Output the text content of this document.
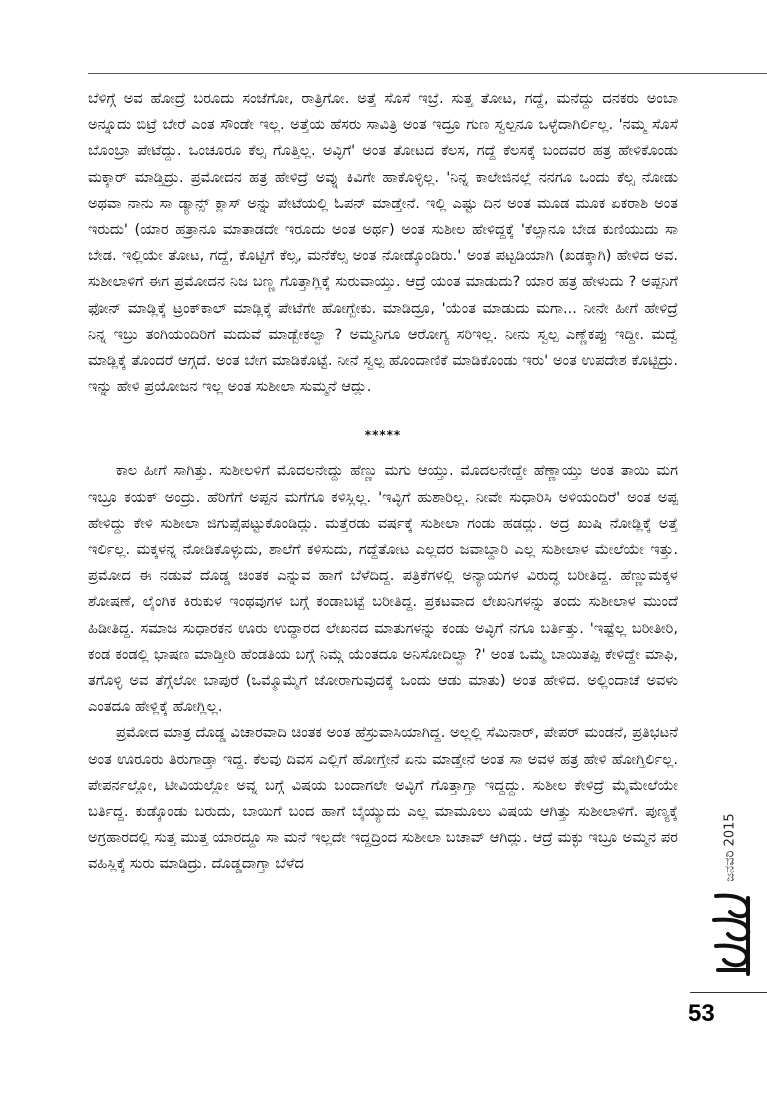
ಬೆಳಿಗ್ಗೆ ಅವ ಹೋದ್ರೆ ಬರೂದು ಸಂಜೆಗೋ, ರಾತ್ರಿಗೋ. ಅತ್ತೆ ಸೊಸೆ ಇಬ್ರೆ. ಸುತ್ತ ತೋಟ, ಗದ್ದೆ, ಮನೆದ್ದು ದನಕರು ಅಂಬಾ ಅನ್ನೂದು ಬಿಟ್ರೆ ಬೇರೆ ಎಂತ ಸೌಂಡೇ ಇಲ್ಲ. ಅತ್ತೆಯ ಹೆಸರು ಸಾವಿತ್ರಿ ಅಂತ ಇದ್ರೂ ಗುಣ ಸ್ವಲ್ಪನೂ ಒಳ್ಳೆದಾಗಿರ್ಲಿಲ್ಲ. 'ನಮ್ಮ ಸೊಸೆ ಬೊಂಬ್ರಾ ಪೇಟೆದ್ದು. ಒಂಚೂರೂ ಕೆಲ್ಸ ಗೊತ್ತಿಲ್ಲ. ಅವ್ಳಿಗೆ' ಅಂತ ತೋಟದ ಕೆಲಸ, ಗದ್ದೆ ಕೆಲಸಕ್ಕೆ ಬಂದವರ ಹತ್ರ ಹೇಳಿಕೊಂಡು ಮಕ್ಕಾರ್ ಮಾಡ್ತಿದ್ರು. ಪ್ರಮೋದನ ಹತ್ರ ಹೇಳಿದ್ರೆ ಅವ್ನು ಕಿವಿಗೇ ಹಾಕೊಳ್ಳಿಲ್ಲ. 'ನಿನ್ನ ಕಾಲೇಜಿನಲ್ಲೆ ನನಗೂ ಒಂದು ಕೆಲ್ಸ ನೋಡು ಅಥವಾ ನಾನು ಸಾ ಡ್ಯಾನ್ಸ್ ಕ್ಲಾಸ್ ಅನ್ನು ಪೇಟೆಯಲ್ಲಿ ಓಪನ್ ಮಾಡ್ತೇನೆ. ಇಲ್ಲಿ ಎಷ್ಟು ದಿನ ಅಂತ ಮೂಡ ಮೂಕ ಏಕರಾಶಿ ಅಂತ ಇರುದು' (ಯಾರ ಹತ್ರಾನೂ ಮಾತಾಡದೇ ಇರೂದು ಅಂತ ಅರ್ಥ) ಅಂತ ಸುಶೀಲ ಹೇಳಿದ್ದಕ್ಕೆ 'ಕೆಲ್ಸಾನೂ ಬೇಡ ಕುಣಿಯುದು ಸಾ ಬೇಡ. ಇಲ್ಲಿಯೇ ತೋಟ, ಗದ್ದೆ, ಕೊಟ್ಟಿಗೆ ಕೆಲ್ಸ, ಮನೆಕೆಲ್ಸ ಅಂತ ನೋಡ್ಕೊಂಡಿರು.' ಅಂತ ಪಟ್ಟಡಿಯಾಗಿ (ಖಡಕ್ಕಾಗಿ) ಹೇಳಿದ ಅವ. ಸುಶೀಲಾಳಿಗೆ ಈಗ ಪ್ರಮೋದನ ನಿಜ ಬಣ್ಣ ಗೊತ್ತಾಗ್ಲಿಕ್ಕೆ ಸುರುವಾಯ್ತು. ಆದ್ರೆ ಯಂತ ಮಾಡುದು? ಯಾರ ಹತ್ರ ಹೇಳುದು ? ಅಪ್ಪನಿಗೆ ಫೋನ್ ಮಾಡ್ಲಿಕ್ಕೆ ಟ್ರಂಕ್‌ಕಾಲ್ ಮಾಡ್ಲಿಕ್ಕೆ ಪೇಟೆಗೇ ಹೋಗ್ಬೇಕು. ಮಾಡಿದ್ರೂ, 'ಯೆಂತ ಮಾಡುದು ಮಗಾ... ನೀನೇ ಹೀಗೆ ಹೇಳಿದ್ರೆ ನಿನ್ನ ಇಬ್ರು ತಂಗಿಯಂದಿರಿಗೆ ಮದುವೆ ಮಾಡ್ಬೇಕಲ್ವಾ ? ಅಮ್ಮನಿಗೂ ಆರೋಗ್ಯ ಸರಿಇಲ್ಲ. ನೀನು ಸ್ವಲ್ಪ ಎಣ್ಣೆಕಪ್ಪು ಇದ್ದೀ. ಮದ್ವೆ ಮಾಡ್ಲಿಕ್ಕೆ ತೊಂದರೆ ಆಗ್ಗದೆ. ಅಂತ ಬೇಗ ಮಾಡಿಕೊಟ್ಟೆ. ನೀನೆ ಸ್ವಲ್ಪ ಹೊಂದಾಣಿಕೆ ಮಾಡಿಕೊಂಡು ಇರು' ಅಂತ ಉಪದೇಶ ಕೊಟ್ಟಿದ್ರು. ಇನ್ನು ಹೇಳಿ ಪ್ರಯೋಜನ ಇಲ್ಲ ಅಂತ ಸುಶೀಲಾ ಸುಮ್ಮನೆ ಆದ್ಲು.

*****

ಕಾಲ ಹೀಗೆ ಸಾಗಿತ್ತು. ಸುಶೀಲಳಿಗೆ ಮೊದಲನೇದ್ದು ಹೆಣ್ಣು ಮಗು ಆಯ್ತು. ಮೊದಲನೇದ್ದೇ ಹೆಣ್ಣಾಯ್ತು ಅಂತ ತಾಯಿ ಮಗ ಇಬ್ರೂ ಕಯಕ್ ಅಂದ್ರು. ಹೆರಿಗೆಗೆ ಅಪ್ಪನ ಮಗೆಗೂ ಕಳಿಸ್ಲಿಲ್ಲ. 'ಇವ್ಳಿಗೆ ಹುಶಾರಿಲ್ಲ. ನೀವೇ ಸುಧಾರಿಸಿ ಅಳಿಯಂದಿರೆ' ಅಂತ ಅಪ್ಪ ಹೇಳಿದ್ದು ಕೇಳಿ ಸುಶೀಲಾ ಜಿಗುಪ್ಸೆಪಟ್ಟುಕೊಂಡಿದ್ಲು. ಮತ್ತೆರಡು ವರ್ಷಕ್ಕೆ ಸುಶೀಲಾ ಗಂಡು ಹಡದ್ಲು. ಅದ್ರ ಖುಷಿ ನೋಡ್ಲಿಕ್ಕೆ ಅತ್ತೆ ಇರ್ಲಿಲ್ಲ. ಮಕ್ಕಳನ್ನ ನೋಡಿಕೊಳ್ಳುದು, ಶಾಲೆಗೆ ಕಳಿಸುದು, ಗದ್ದೆತೋಟ ಎಲ್ಲದರ ಜವಾಬ್ದಾರಿ ಎಲ್ಲ ಸುಶೀಲಾಳ ಮೇಲೆಯೇ ಇತ್ತು. ಪ್ರಮೋದ ಈ ನಡುವೆ ದೊಡ್ಡ ಚಿಂತಕ ಎನ್ನುವ ಹಾಗೆ ಬೆಳೆದಿದ್ದ. ಪತ್ರಿಕೆಗಳಲ್ಲಿ ಅನ್ಯಾಯಗಳ ವಿರುದ್ಧ ಬರೀತಿದ್ದ. ಹೆಣ್ಣುಮಕ್ಕಳ ಶೋಷಣೆ, ಲೈಂಗಿಕ ಕಿರುಕುಳ ಇಂಥವುಗಳ ಬಗ್ಗೆ ಕಂಡಾಬಟ್ಟೆ ಬರೀತಿದ್ದ. ಪ್ರಕಟವಾದ ಲೇಖನಿಗಳನ್ನು ತಂದು ಸುಶೀಲಾಳ ಮುಂದೆ ಹಿಡೀತಿದ್ದ. ಸಮಾಜ ಸುಧಾರಕನ ಊರು ಉದ್ಧಾರದ ಲೇಖನದ ಮಾತುಗಳನ್ನು ಕಂಡು ಅವ್ಳಿಗೆ ನಗೂ ಬರ್ತಿತ್ತು. 'ಇಷ್ಟೆಲ್ಲ ಬರೀತೀರಿ, ಕಂಡ ಕಂಡಲ್ಲಿ ಭಾಷಣ ಮಾಡ್ತೀರಿ ಹೆಂಡತಿಯ ಬಗ್ಗೆ ನಿಮ್ಗೆ ಯೆಂತದೂ ಅನಿಸೋದಿಲ್ವಾ ?' ಅಂತ ಒಮ್ಮೆ ಬಾಯಿತಪ್ಪಿ ಕೇಳಿದ್ದೇ ಮಾಫಿ, ತಗೊಳ್ಳಿ ಅವ ತೆಗ್ಗೆಲೋ ಬಾಪುರೆ (ಒಮ್ಮೊಮ್ಮೆಗೆ ಜೋರಾಗುವುದಕ್ಕೆ ಒಂದು ಆಡು ಮಾತು) ಅಂತ ಹೇಳಿದ. ಅಲ್ಲಿಂದಾಚೆ ಅವಳು ಎಂತದೂ ಹೇಳ್ಲಿಕ್ಕೆ ಹೋಗ್ಲಿಲ್ಲ.

ಪ್ರಮೋದ ಮಾತ್ರ ದೊಡ್ಡ ವಿಚಾರವಾದಿ ಚಿಂತಕ ಅಂತ ಹೆಸ್ರುವಾಸಿಯಾಗಿದ್ದ. ಅಲ್ಲಲ್ಲಿ ಸೆಮಿನಾರ್, ಪೇಪರ್ ಮಂಡನೆ, ಪ್ರತಿಭಟನೆ ಅಂತ ಊರೂರು ತಿರುಗಾಡ್ತಾ ಇದ್ದ. ಕೆಲವು ದಿವಸ ಎಲ್ಲಿಗೆ ಹೋಗ್ತೇನೆ ಏನು ಮಾಡ್ತೇನೆ ಅಂತ ಸಾ ಅವಳ ಹತ್ರ ಹೇಳಿ ಹೋಗ್ತಿರ್ಲಿಲ್ಲ. ಪೇಪರ್ನಲ್ಲೋ, ಟೀವಿಯಲ್ಲೋ ಅವ್ನ ಬಗ್ಗೆ ವಿಷಯ ಬಂದಾಗಲೇ ಅವ್ಳಿಗೆ ಗೊತ್ತಾಗ್ತಾ ಇದ್ದದ್ದು. ಸುಶೀಲ ಕೇಳಿದ್ರೆ ಮೈಮೇಲೆಯೇ ಬರ್ತಿದ್ದ. ಕುಡ್ಕೊಂಡು ಬರುದು, ಬಾಯಿಗೆ ಬಂದ ಹಾಗೆ ಬೈಯ್ಯುದು ಎಲ್ಲ ಮಾಮೂಲು ವಿಷಯ ಆಗಿತ್ತು ಸುಶೀಲಾಳಿಗೆ. ಪುಣ್ಯಕ್ಕೆ ಅಗ್ರಹಾರದಲ್ಲಿ ಸುತ್ತ ಮುತ್ತ ಯಾರದ್ದೂ ಸಾ ಮನೆ ಇಲ್ಲದೇ ಇದ್ದದ್ರಿಂದ ಸುಶೀಲಾ ಬಚಾವ್ ಆಗಿದ್ಲು. ಆದ್ರೆ ಮಕ್ಳು ಇಬ್ರೂ ಅಮ್ಮನ ಪರ ವಹಿಸ್ಲಿಕ್ಕೆ ಸುರು ಮಾಡಿದ್ರು. ದೊಡ್ಡದಾಗ್ತಾ ಬೆಳೆದ	ಜನವರಿ 2015
53
